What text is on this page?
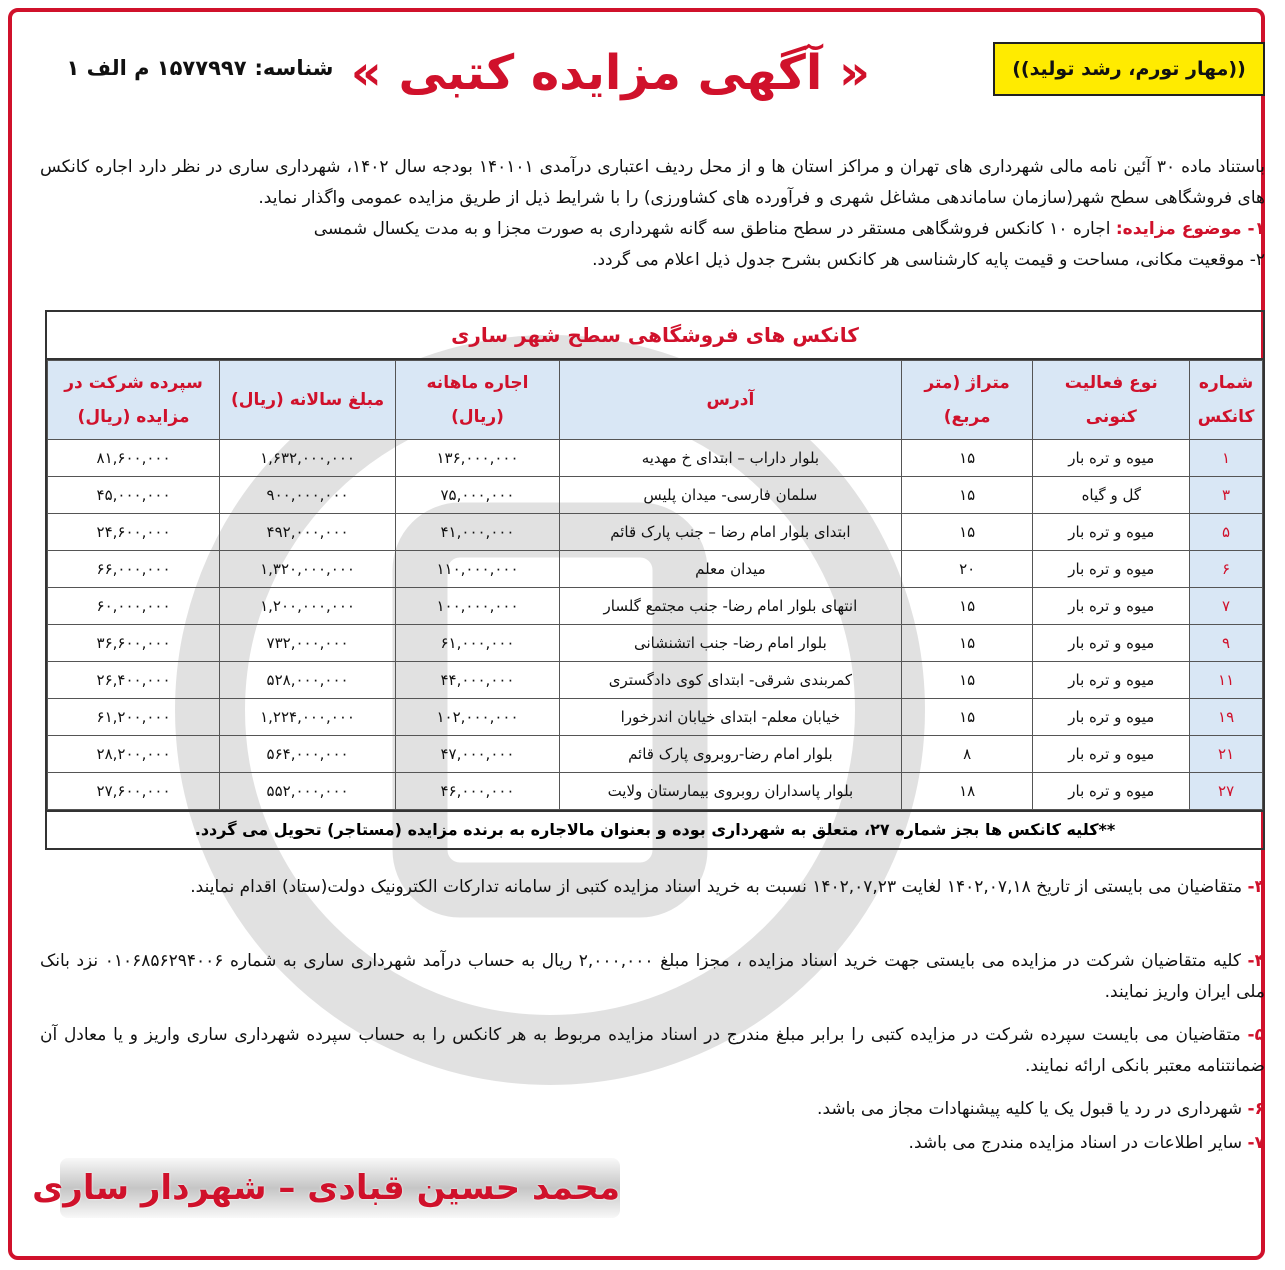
((مهار تورم، رشد تولید))
« آگهی مزایده کتبی »
شناسه:۱۵۷۷۹۹۷ م الف ۱
باستناد ماده ۳۰ آئین نامه مالی شهرداری های تهران و مراکز استان ها و از محل ردیف اعتباری درآمدی ۱۴۰۱۰۱ بودجه سال ۱۴۰۲، شهرداری ساری در نظر دارد اجاره کانکس های فروشگاهی سطح شهر(سازمان ساماندهی مشاغل شهری و فرآورده های کشاورزی) را با شرایط ذیل از طریق مزایده عمومی واگذار نماید.
۱- موضوع مزایده: اجاره ۱۰ کانکس فروشگاهی مستقر در سطح مناطق سه گانه شهرداری به صورت مجزا و به مدت یکسال شمسی
۲- موقعیت مکانی، مساحت و قیمت پایه کارشناسی هر کانکس بشرح جدول ذیل اعلام می گردد.
کانکس های فروشگاهی سطح شهر ساری
شماره کانکس	نوع فعالیت کنونی	متراژ (متر مربع)	آدرس	اجاره ماهانه (ریال)	مبلغ سالانه (ریال)	سپرده شرکت در مزایده (ریال)
۱	میوه و تره بار	۱۵	بلوار داراب – ابتدای خ مهدیه	۱۳۶,۰۰۰,۰۰۰	۱,۶۳۲,۰۰۰,۰۰۰	۸۱,۶۰۰,۰۰۰
۳	گل و گیاه	۱۵	سلمان فارسی- میدان پلیس	۷۵,۰۰۰,۰۰۰	۹۰۰,۰۰۰,۰۰۰	۴۵,۰۰۰,۰۰۰
۵	میوه و تره بار	۱۵	ابتدای بلوار امام رضا – جنب پارک قائم	۴۱,۰۰۰,۰۰۰	۴۹۲,۰۰۰,۰۰۰	۲۴,۶۰۰,۰۰۰
۶	میوه و تره بار	۲۰	میدان معلم	۱۱۰,۰۰۰,۰۰۰	۱,۳۲۰,۰۰۰,۰۰۰	۶۶,۰۰۰,۰۰۰
۷	میوه و تره بار	۱۵	انتهای بلوار امام رضا- جنب مجتمع گلسار	۱۰۰,۰۰۰,۰۰۰	۱,۲۰۰,۰۰۰,۰۰۰	۶۰,۰۰۰,۰۰۰
۹	میوه و تره بار	۱۵	بلوار امام رضا- جنب اتشنشانی	۶۱,۰۰۰,۰۰۰	۷۳۲,۰۰۰,۰۰۰	۳۶,۶۰۰,۰۰۰
۱۱	میوه و تره بار	۱۵	کمربندی شرقی- ابتدای کوی دادگستری	۴۴,۰۰۰,۰۰۰	۵۲۸,۰۰۰,۰۰۰	۲۶,۴۰۰,۰۰۰
۱۹	میوه و تره بار	۱۵	خیابان معلم- ابتدای خیابان اندرخورا	۱۰۲,۰۰۰,۰۰۰	۱,۲۲۴,۰۰۰,۰۰۰	۶۱,۲۰۰,۰۰۰
۲۱	میوه و تره بار	۸	بلوار امام رضا-روبروی پارک قائم	۴۷,۰۰۰,۰۰۰	۵۶۴,۰۰۰,۰۰۰	۲۸,۲۰۰,۰۰۰
۲۷	میوه و تره بار	۱۸	بلوار پاسداران روبروی بیمارستان ولایت	۴۶,۰۰۰,۰۰۰	۵۵۲,۰۰۰,۰۰۰	۲۷,۶۰۰,۰۰۰
**کلیه کانکس ها بجز شماره ۲۷، متعلق به شهرداری بوده و بعنوان مالاجاره به برنده مزایده (مستاجر) تحویل می گردد.
۳- متقاضیان می بایستی از تاریخ ۱۴۰۲,۰۷,۱۸ لغایت ۱۴۰۲,۰۷,۲۳ نسبت به خرید اسناد مزایده کتبی از سامانه تدارکات الکترونیک دولت(ستاد) اقدام نمایند.
۴- کلیه متقاضیان شرکت در مزایده می بایستی جهت خرید اسناد مزایده ، مجزا مبلغ ۲,۰۰۰,۰۰۰ ریال به حساب درآمد شهرداری ساری به شماره ۰۱۰۶۸۵۶۲۹۴۰۰۶ نزد بانک ملی ایران واریز نمایند.
۵- متقاضیان می بایست سپرده شرکت در مزایده کتبی را برابر مبلغ مندرج در اسناد مزایده مربوط به هر کانکس را به حساب سپرده شهرداری ساری واریز و یا معادل آن ضمانتنامه معتبر بانکی ارائه نمایند.
۶- شهرداری در رد یا قبول یک یا کلیه پیشنهادات مجاز می باشد.
۷- سایر اطلاعات در اسناد مزایده مندرج می باشد.
محمد حسین قبادی – شهردار ساری
